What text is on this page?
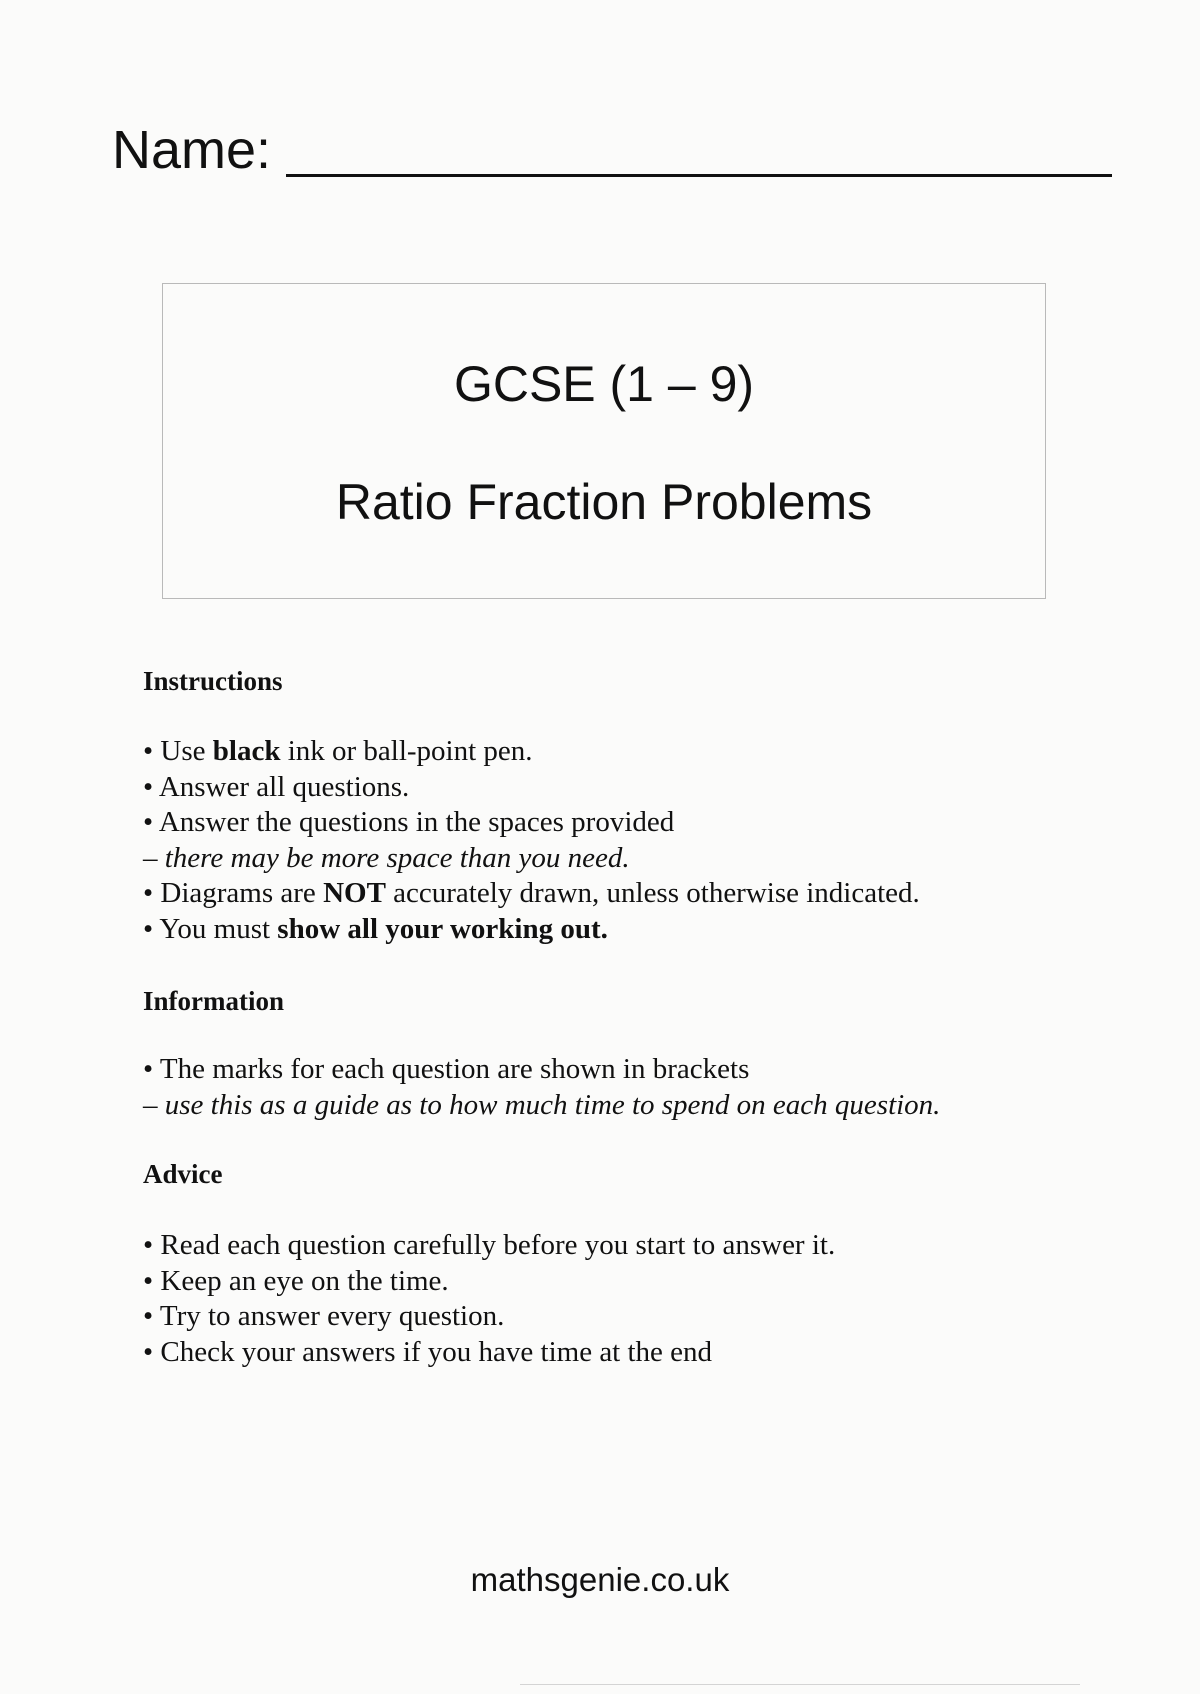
Name:
GCSE (1 – 9)
Ratio Fraction Problems
Instructions
• Use black ink or ball-point pen.
• Answer all questions.
• Answer the questions in the spaces provided
– there may be more space than you need.
• Diagrams are NOT accurately drawn, unless otherwise indicated.
• You must show all your working out.
Information
• The marks for each question are shown in brackets
– use this as a guide as to how much time to spend on each question.
Advice
• Read each question carefully before you start to answer it.
• Keep an eye on the time.
• Try to answer every question.
• Check your answers if you have time at the end
mathsgenie.co.uk
